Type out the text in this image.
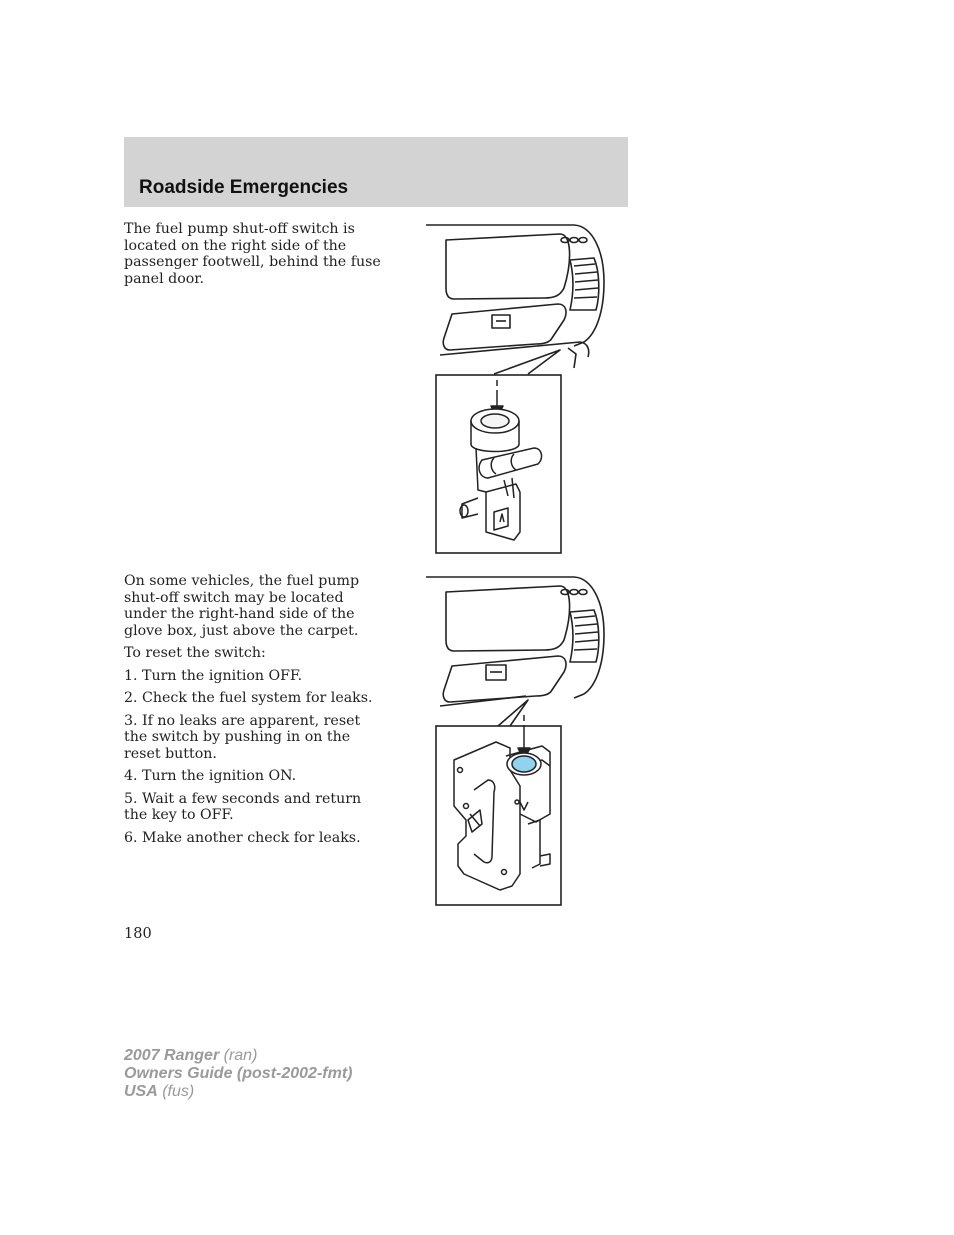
Roadside Emergencies

The fuel pump shut-off switch is located on the right side of the passenger footwell, behind the fuse panel door.

On some vehicles, the fuel pump shut-off switch may be located under the right-hand side of the glove box, just above the carpet.

To reset the switch:

1. Turn the ignition OFF.
2. Check the fuel system for leaks.
3. If no leaks are apparent, reset the switch by pushing in on the reset button.
4. Turn the ignition ON.
5. Wait a few seconds and return the key to OFF.
6. Make another check for leaks.
180
2007 Ranger (ran)
Owners Guide (post-2002-fmt)
USA (fus)
